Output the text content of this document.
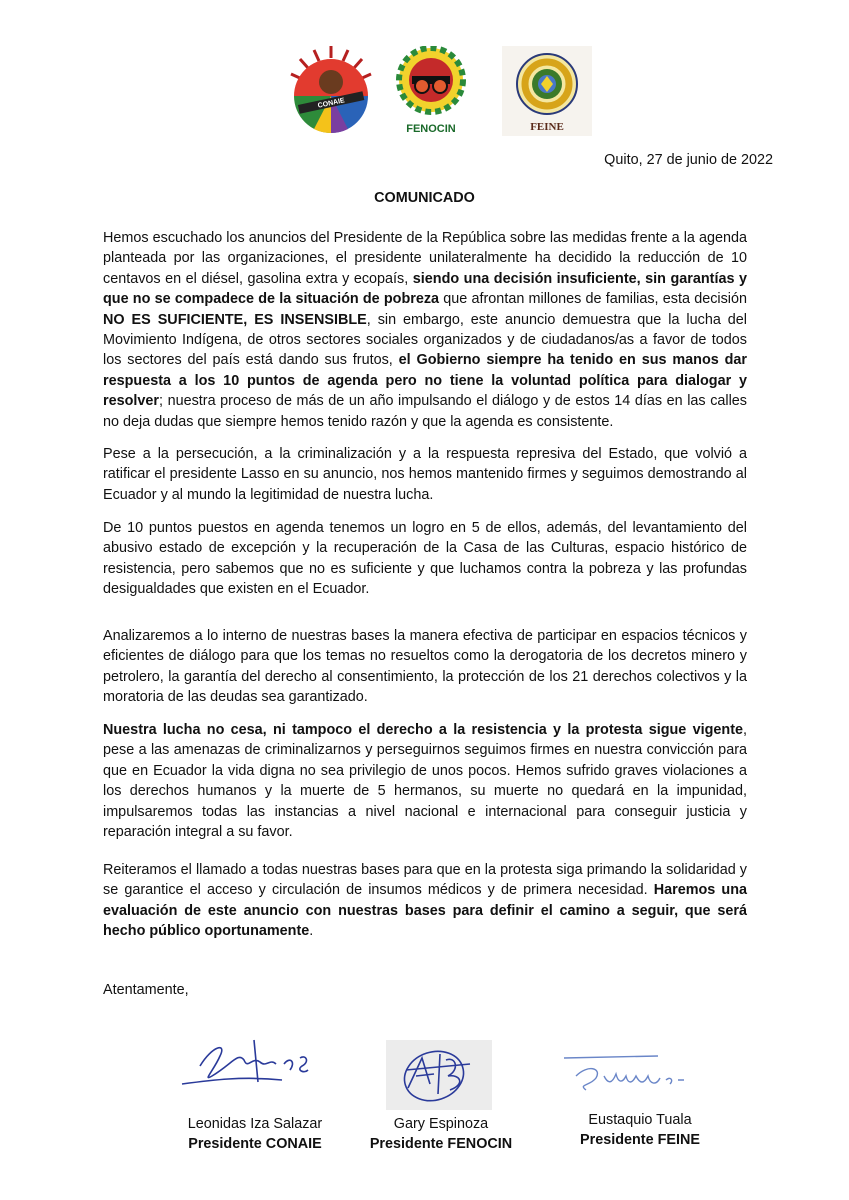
CONAIE
FENOCIN	FEINE
Quito, 27 de junio de 2022
COMUNICADO

Hemos escuchado los anuncios del Presidente de la República sobre las medidas frente a la agenda planteada por las organizaciones, el presidente unilateralmente ha decidido la reducción de 10 centavos en el diésel, gasolina extra y ecopaís, siendo una decisión insuficiente, sin garantías y que no se compadece de la situación de pobreza que afrontan millones de familias, esta decisión NO ES SUFICIENTE, ES INSENSIBLE, sin embargo, este anuncio demuestra que la lucha del Movimiento Indígena, de otros sectores sociales organizados y de ciudadanos/as a favor de todos los sectores del país está dando sus frutos, el Gobierno siempre ha tenido en sus manos dar respuesta a los 10 puntos de agenda pero no tiene la voluntad política para dialogar y resolver; nuestra proceso de más de un año impulsando el diálogo y de estos 14 días en las calles no deja dudas que siempre hemos tenido razón y que la agenda es consistente.

Pese a la persecución, a la criminalización y a la respuesta represiva del Estado, que volvió a ratificar el presidente Lasso en su anuncio, nos hemos mantenido firmes y seguimos demostrando al Ecuador y al mundo la legitimidad de nuestra lucha.

De 10 puntos puestos en agenda tenemos un logro en 5 de ellos, además, del levantamiento del abusivo estado de excepción y la recuperación de la Casa de las Culturas, espacio histórico de resistencia, pero sabemos que no es suficiente y que luchamos contra la pobreza y las profundas desigualdades que existen en el Ecuador.

Analizaremos a lo interno de nuestras bases la manera efectiva de participar en espacios técnicos y eficientes de diálogo para que los temas no resueltos como la derogatoria de los decretos minero y petrolero, la garantía del derecho al consentimiento, la protección de los 21 derechos colectivos y la moratoria de las deudas sea garantizado.

Nuestra lucha no cesa, ni tampoco el derecho a la resistencia y la protesta sigue vigente, pese a las amenazas de criminalizarnos y perseguirnos seguimos firmes en nuestra convicción para que en Ecuador la vida digna no sea privilegio de unos pocos. Hemos sufrido graves violaciones a los derechos humanos y la muerte de 5 hermanos, su muerte no quedará en la impunidad, impulsaremos todas las instancias a nivel nacional e internacional para conseguir justicia y reparación integral a su favor.

Reiteramos el llamado a todas nuestras bases para que en la protesta siga primando la solidaridad y se garantice el acceso y circulación de insumos médicos y de primera necesidad. Haremos una evaluación de este anuncio con nuestras bases para definir el camino a seguir, que será hecho público oportunamente.

Atentamente,
Leonidas Iza Salazar
Presidente CONAIE
Gary Espinoza
Presidente FENOCIN
Eustaquio Tuala
Presidente FEINE
